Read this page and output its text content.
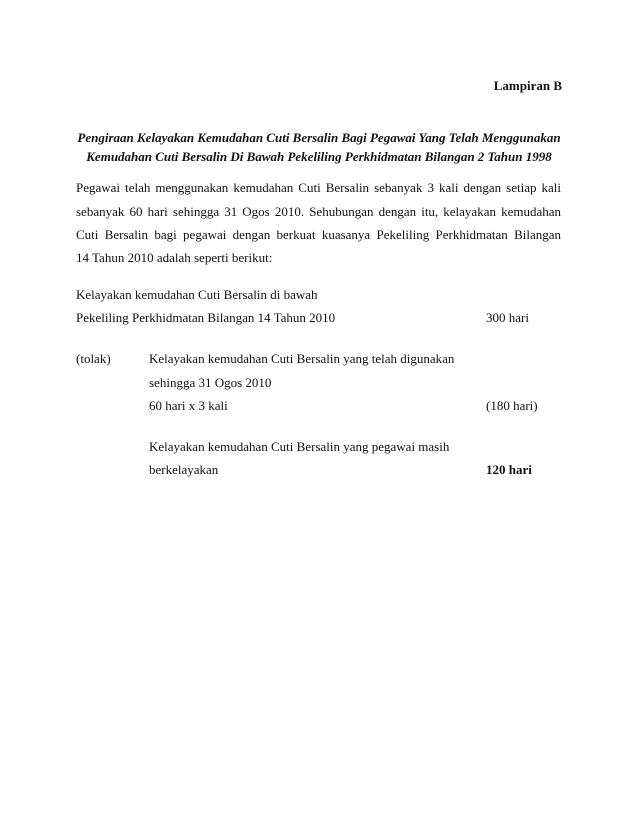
Lampiran B
Pengiraan Kelayakan Kemudahan Cuti Bersalin Bagi Pegawai Yang Telah Menggunakan
Kemudahan Cuti Bersalin Di Bawah Pekeliling Perkhidmatan Bilangan 2 Tahun 1998
Pegawai telah menggunakan kemudahan Cuti Bersalin sebanyak 3 kali dengan setiap kali
sebanyak 60 hari sehingga 31 Ogos 2010. Sehubungan dengan itu, kelayakan kemudahan
Cuti Bersalin bagi pegawai dengan berkuat kuasanya Pekeliling Perkhidmatan Bilangan
14 Tahun 2010 adalah seperti berikut:
Kelayakan kemudahan Cuti Bersalin di bawah
Pekeliling Perkhidmatan Bilangan 14 Tahun 2010	300 hari
(tolak)	Kelayakan kemudahan Cuti Bersalin yang telah digunakan
sehingga 31 Ogos 2010
60 hari x 3 kali	(180 hari)
Kelayakan kemudahan Cuti Bersalin yang pegawai masih
berkelayakan	120 hari
